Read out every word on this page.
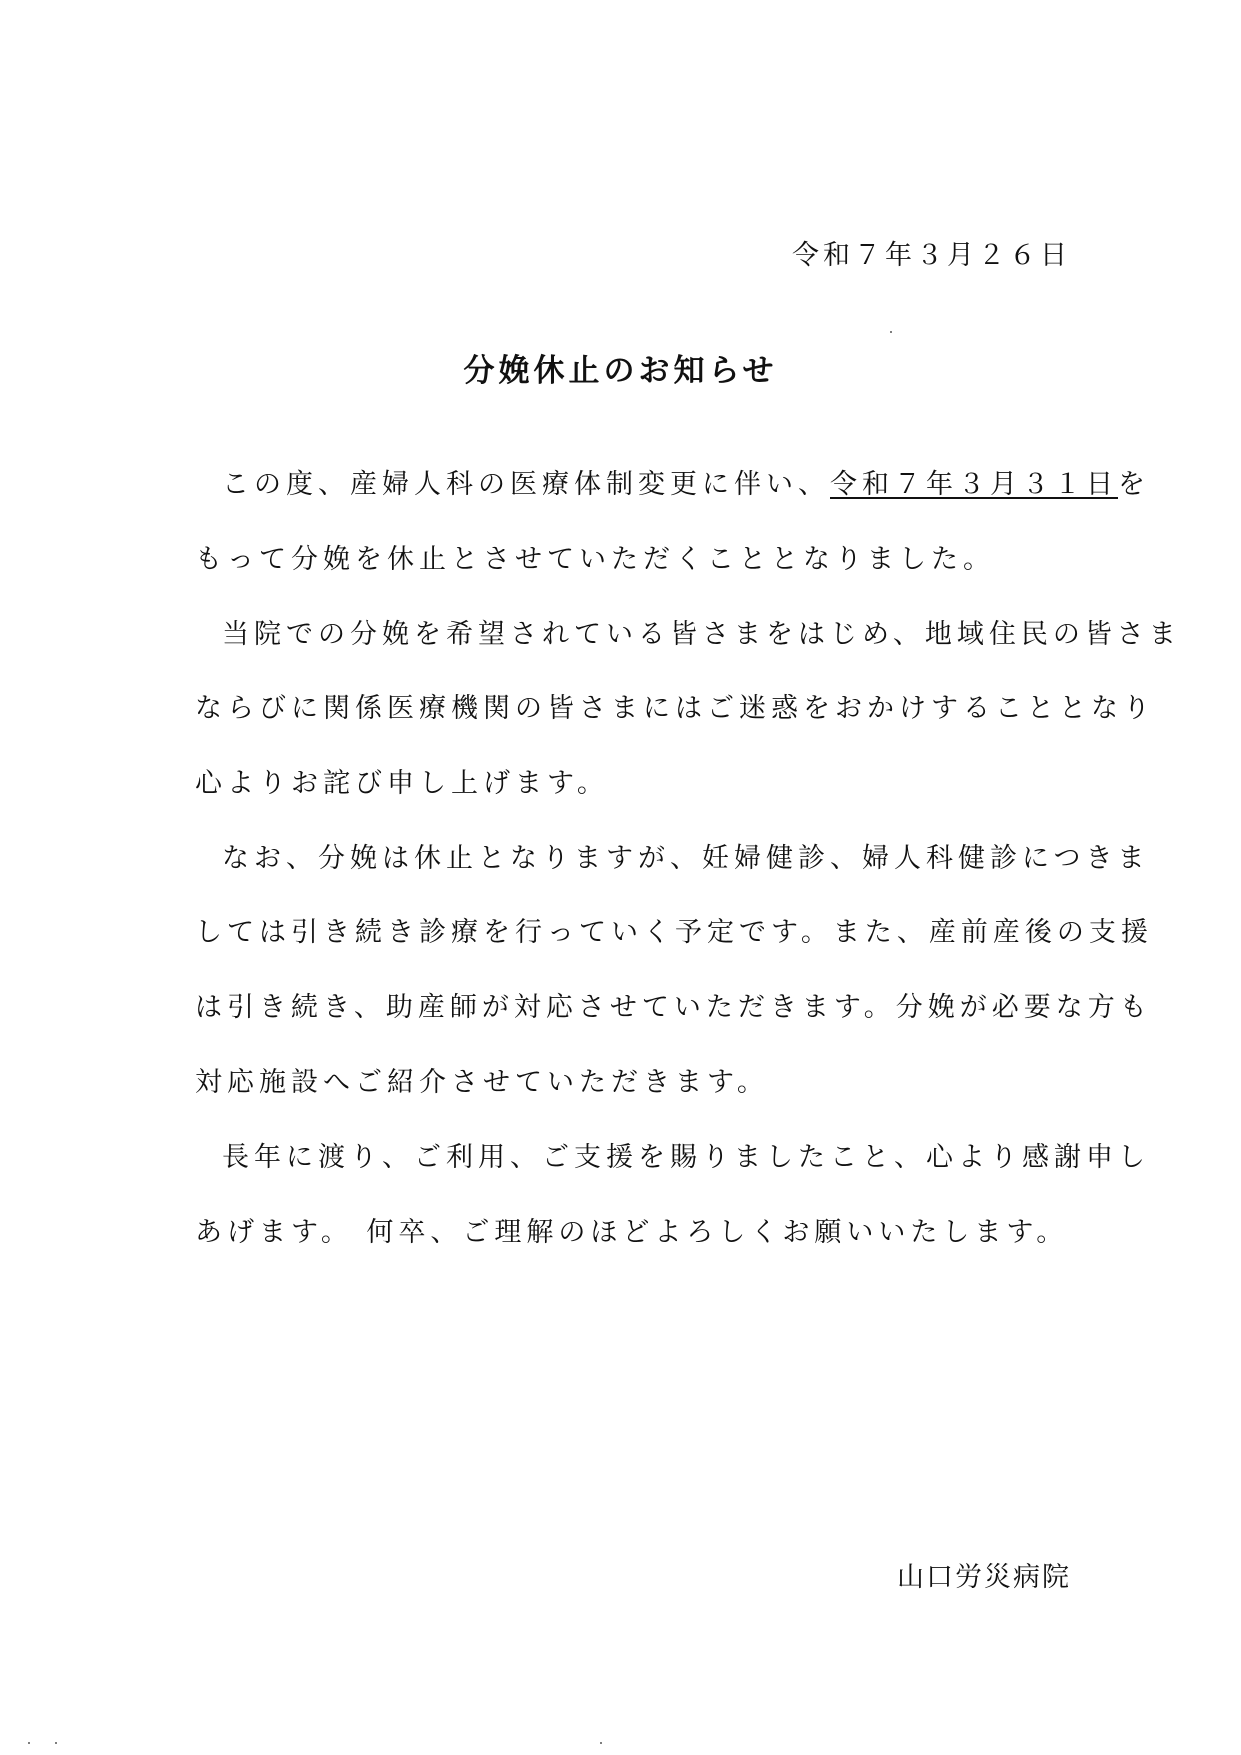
令和７年３月２６日
分娩休止のお知らせ
この度、産婦人科の医療体制変更に伴い、令和７年３月３１日を
もって分娩を休止とさせていただくこととなりました。
当院での分娩を希望されている皆さまをはじめ、地域住民の皆さま
ならびに関係医療機関の皆さまにはご迷惑をおかけすることとなり
心よりお詫び申し上げます。
なお、分娩は休止となりますが、妊婦健診、婦人科健診につきま
しては引き続き診療を行っていく予定です。また、産前産後の支援
は引き続き、助産師が対応させていただきます。分娩が必要な方も
対応施設へご紹介させていただきます。
長年に渡り、ご利用、ご支援を賜りましたこと、心より感謝申し
あげます。 何卒、ご理解のほどよろしくお願いいたします。
山口労災病院
